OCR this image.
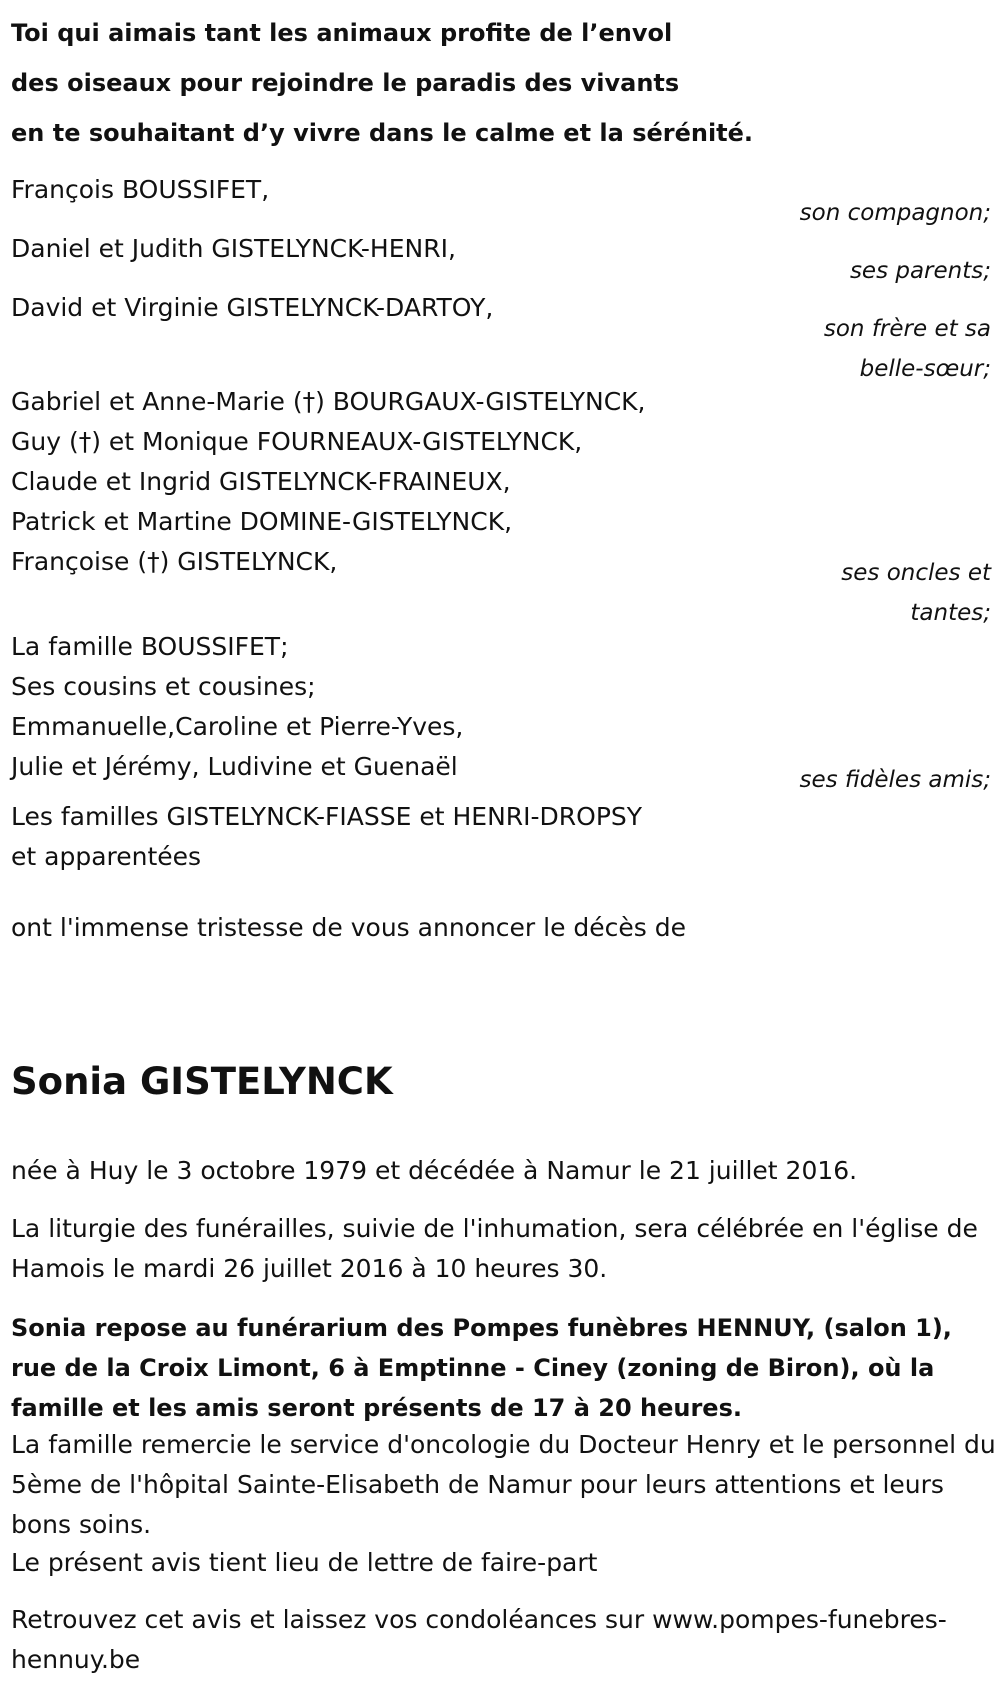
Toi qui aimais tant les animaux profite de l’envol
des oiseaux pour rejoindre le paradis des vivants
en te souhaitant d’y vivre dans le calme et la sérénité.
François BOUSSIFET,
son compagnon;
Daniel et Judith GISTELYNCK-HENRI,
ses parents;
David et Virginie GISTELYNCK-DARTOY,
son frère et sa
belle-sœur;
Gabriel et Anne-Marie (†) BOURGAUX-GISTELYNCK,
Guy (†) et Monique FOURNEAUX-GISTELYNCK,
Claude et Ingrid GISTELYNCK-FRAINEUX,
Patrick et Martine DOMINE-GISTELYNCK,
Françoise (†) GISTELYNCK,	ses oncles et
tantes;
La famille BOUSSIFET;
Ses cousins et cousines;
Emmanuelle,Caroline et Pierre-Yves,
Julie et Jérémy, Ludivine et Guenaël	ses fidèles amis;
Les familles GISTELYNCK-FIASSE et HENRI-DROPSY
et apparentées
ont l'immense tristesse de vous annoncer le décès de
Sonia GISTELYNCK
née à Huy le 3 octobre 1979 et décédée à Namur le 21 juillet 2016.
La liturgie des funérailles, suivie de l'inhumation, sera célébrée en l'église de Hamois le mardi 26 juillet 2016 à 10 heures 30.
Sonia repose au funérarium des Pompes funèbres HENNUY, (salon 1), rue de la Croix Limont, 6 à Emptinne - Ciney (zoning de Biron), où la famille et les amis seront présents de 17 à 20 heures.
La famille remercie le service d'oncologie du Docteur Henry et le personnel du 5ème de l'hôpital Sainte-Elisabeth de Namur pour leurs attentions et leurs bons soins.
Le présent avis tient lieu de lettre de faire-part
Retrouvez cet avis et laissez vos condoléances sur www.pompes-funebres-hennuy.be
